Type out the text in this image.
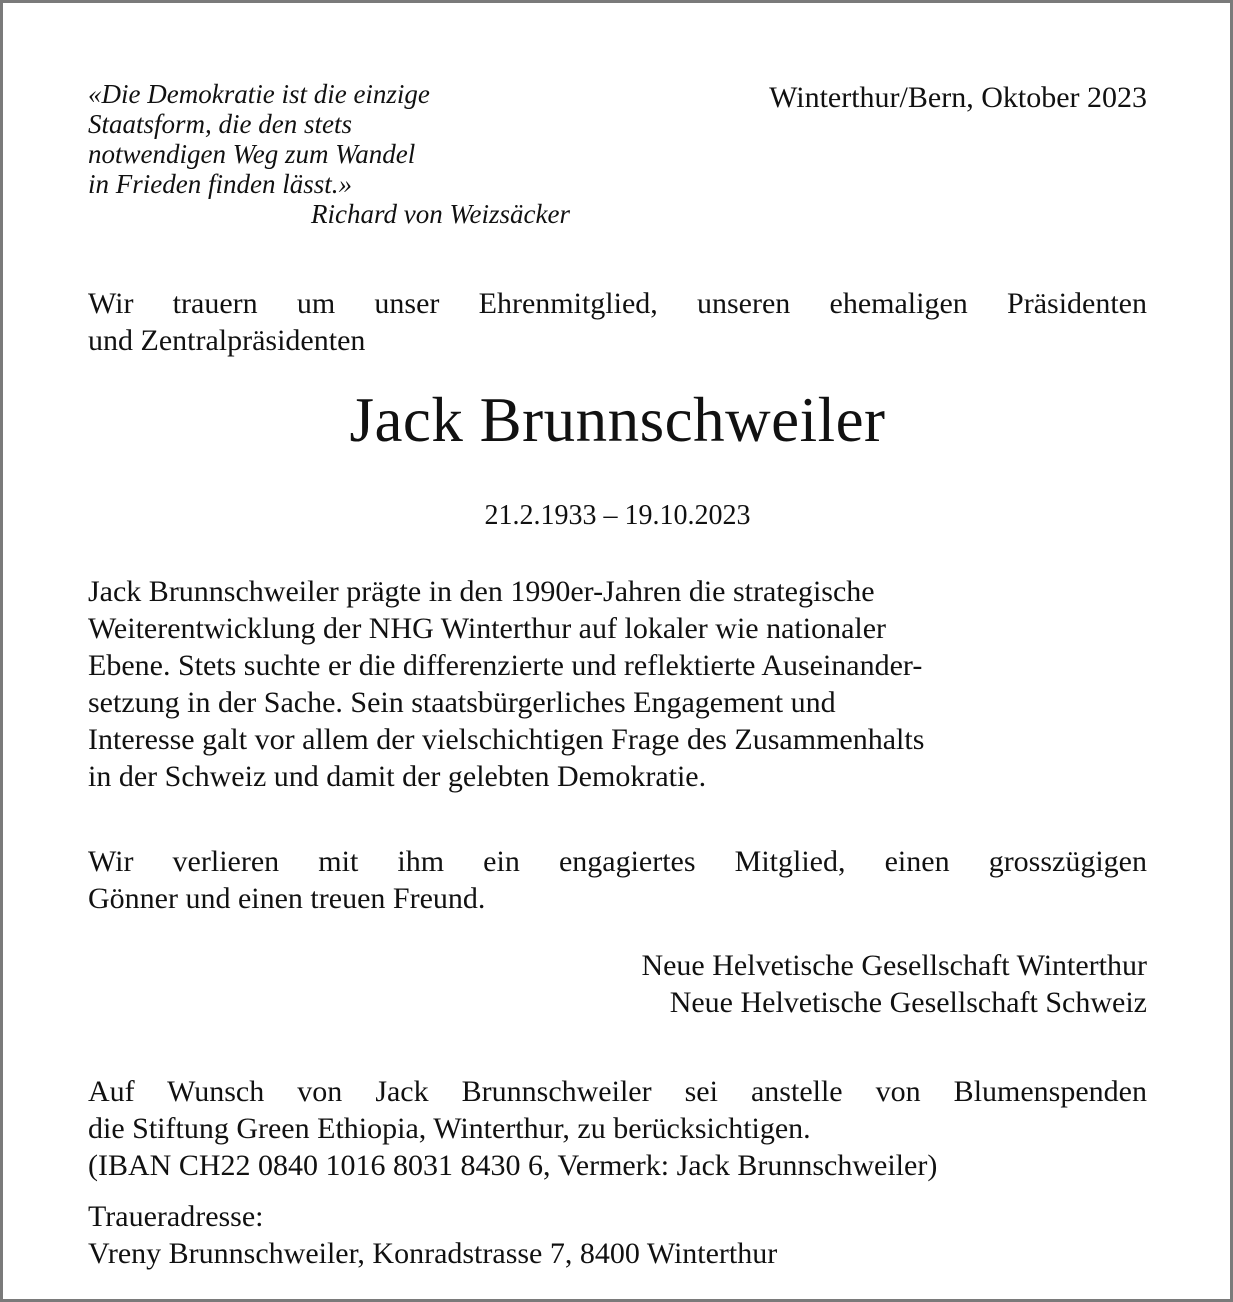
«Die Demokratie ist die einzige
Staatsform, die den stets
notwendigen Weg zum Wandel
in Frieden finden lässt.»
Richard von Weizsäcker
Winterthur/Bern, Oktober 2023
Wir trauern um unser Ehrenmitglied, unseren ehemaligen Präsidenten
und Zentralpräsidenten
Jack Brunnschweiler
21.2.1933 – 19.10.2023
Jack Brunnschweiler prägte in den 1990er-Jahren die strategische
Weiterentwicklung der NHG Winterthur auf lokaler wie nationaler
Ebene. Stets suchte er die differenzierte und reflektierte Auseinander-
setzung in der Sache. Sein staatsbürgerliches Engagement und
Interesse galt vor allem der vielschichtigen Frage des Zusammenhalts
in der Schweiz und damit der gelebten Demokratie.
Wir verlieren mit ihm ein engagiertes Mitglied, einen grosszügigen
Gönner und einen treuen Freund.
Neue Helvetische Gesellschaft Winterthur
Neue Helvetische Gesellschaft Schweiz
Auf Wunsch von Jack Brunnschweiler sei anstelle von Blumenspenden
die Stiftung Green Ethiopia, Winterthur, zu berücksichtigen.
(IBAN CH22 0840 1016 8031 8430 6, Vermerk: Jack Brunnschweiler)
Traueradresse:
Vreny Brunnschweiler, Konradstrasse 7, 8400 Winterthur
